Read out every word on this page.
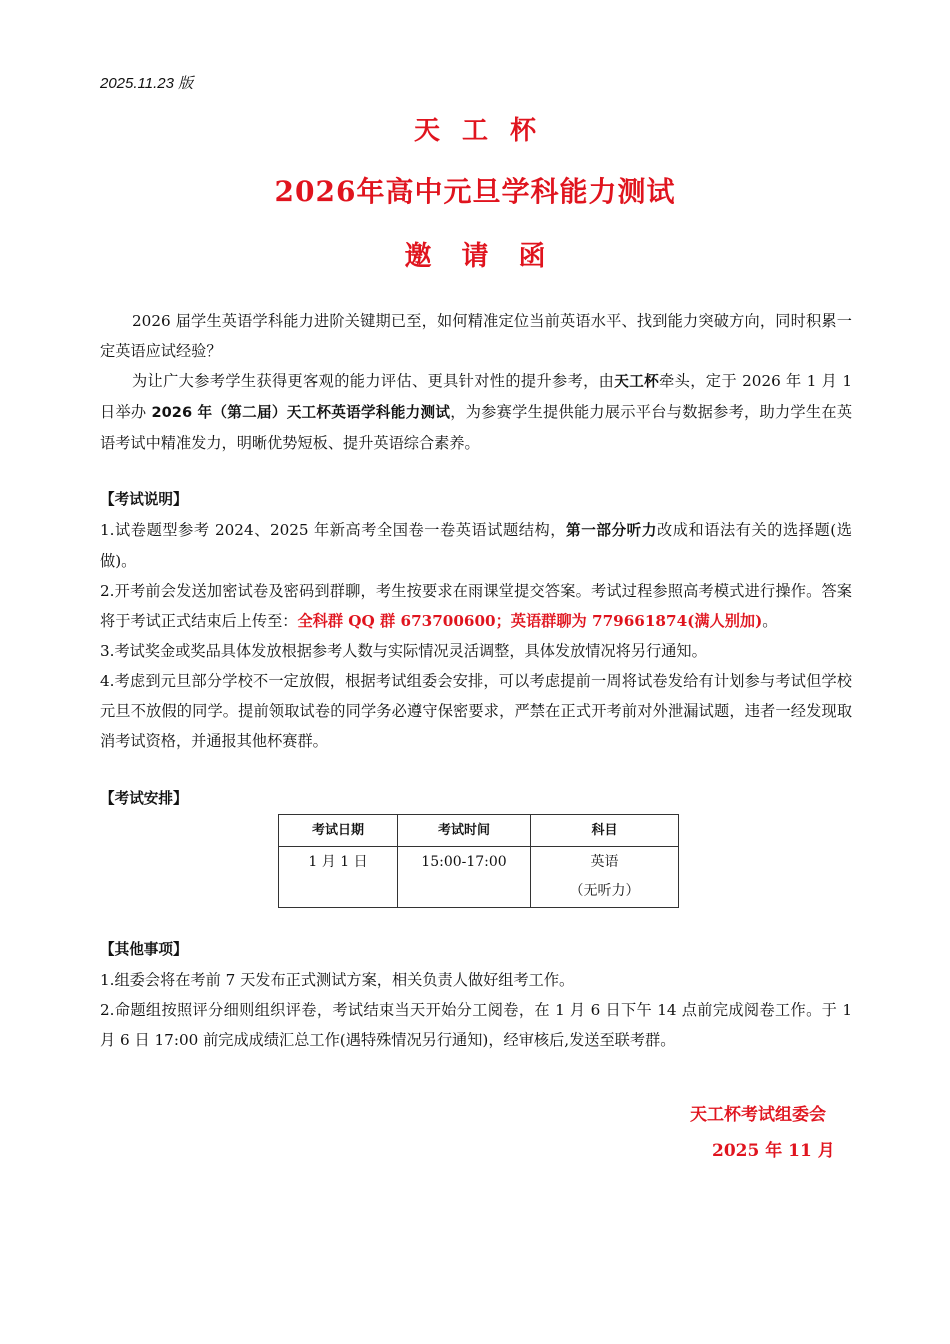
2025.11.23 版
天工杯
2026年高中元旦学科能力测试
邀请函

2026 届学生英语学科能力进阶关键期已至，如何精准定位当前英语水平、找到能力突破方向，同时积累一定英语应试经验？

为让广大参考学生获得更客观的能力评估、更具针对性的提升参考，由天工杯牵头，定于 2026 年 1 月 1 日举办 2026 年（第二届）天工杯英语学科能力测试，为参赛学生提供能力展示平台与数据参考，助力学生在英语考试中精准发力，明晰优势短板、提升英语综合素养。

【考试说明】

1.试卷题型参考 2024、2025 年新高考全国卷一卷英语试题结构，第一部分听力改成和语法有关的选择题(选做)。

2.开考前会发送加密试卷及密码到群聊，考生按要求在雨课堂提交答案。考试过程参照高考模式进行操作。答案将于考试正式结束后上传至：全科群 QQ 群 673700600；英语群聊为 779661874(满人别加)。

3.考试奖金或奖品具体发放根据参考人数与实际情况灵活调整，具体发放情况将另行通知。

4.考虑到元旦部分学校不一定放假，根据考试组委会安排，可以考虑提前一周将试卷发给有计划参与考试但学校元旦不放假的同学。提前领取试卷的同学务必遵守保密要求，严禁在正式开考前对外泄漏试题，违者一经发现取消考试资格，并通报其他杯赛群。

【考试安排】

考试日期	考试时间	科目
1 月 1 日	15:00-17:00	英语
（无听力）

【其他事项】

1.组委会将在考前 7 天发布正式测试方案，相关负责人做好组考工作。

2.命题组按照评分细则组织评卷，考试结束当天开始分工阅卷，在 1 月 6 日下午 14 点前完成阅卷工作。于 1 月 6 日 17:00 前完成成绩汇总工作(遇特殊情况另行通知)，经审核后,发送至联考群。

天工杯考试组委会
2025 年 11 月
